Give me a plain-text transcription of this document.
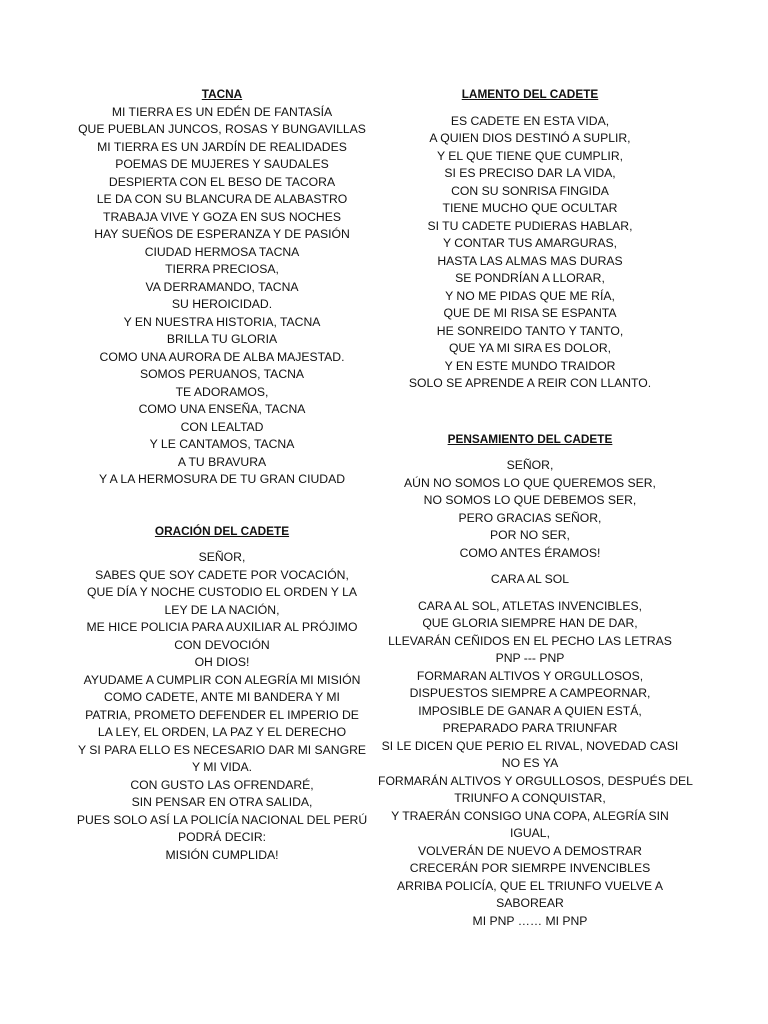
TACNA

MI TIERRA ES UN EDÉN DE FANTASÍA

QUE PUEBLAN JUNCOS, ROSAS Y BUNGAVILLAS

MI TIERRA ES UN JARDÍN DE REALIDADES

POEMAS DE MUJERES Y SAUDALES

DESPIERTA CON EL BESO DE TACORA

LE DA CON SU BLANCURA DE ALABASTRO

TRABAJA VIVE Y GOZA EN SUS NOCHES

HAY SUEÑOS DE ESPERANZA Y DE PASIÓN

CIUDAD HERMOSA TACNA

TIERRA PRECIOSA,

VA DERRAMANDO, TACNA

SU HEROICIDAD.

Y EN NUESTRA HISTORIA, TACNA

BRILLA TU GLORIA

COMO UNA AURORA DE ALBA MAJESTAD.

SOMOS PERUANOS, TACNA

TE ADORAMOS,

COMO UNA ENSEÑA, TACNA

CON LEALTAD

Y LE CANTAMOS, TACNA

A TU BRAVURA

Y A LA HERMOSURA DE TU GRAN CIUDAD

ORACIÓN DEL CADETE

SEÑOR,

SABES QUE SOY CADETE POR VOCACIÓN,

QUE DÍA Y NOCHE CUSTODIO EL ORDEN Y LA

LEY DE LA NACIÓN,

ME HICE POLICIA PARA AUXILIAR AL PRÓJIMO

CON DEVOCIÓN

OH DIOS!

AYUDAME A CUMPLIR CON ALEGRÍA MI MISIÓN

COMO CADETE, ANTE MI BANDERA Y MI

PATRIA, PROMETO DEFENDER EL IMPERIO DE

LA LEY, EL ORDEN, LA PAZ Y EL DERECHO

Y SI PARA ELLO ES NECESARIO DAR MI SANGRE

Y MI VIDA.

CON GUSTO LAS OFRENDARÉ,

SIN PENSAR EN OTRA SALIDA,

PUES SOLO ASÍ LA POLICÍA NACIONAL DEL PERÚ

PODRÁ DECIR:

MISIÓN CUMPLIDA!

LAMENTO DEL CADETE

ES CADETE EN ESTA VIDA,

A QUIEN DIOS DESTINÓ A SUPLIR,

Y EL QUE TIENE QUE CUMPLIR,

SI ES PRECISO DAR LA VIDA,

CON SU SONRISA FINGIDA

TIENE MUCHO QUE OCULTAR

SI TU CADETE PUDIERAS HABLAR,

Y CONTAR TUS AMARGURAS,

HASTA LAS ALMAS MAS DURAS

SE PONDRÍAN A LLORAR,

Y NO ME PIDAS QUE ME RÍA,

QUE DE MI RISA SE ESPANTA

HE SONREIDO TANTO Y TANTO,

QUE YA MI SIRA ES DOLOR,

Y EN ESTE MUNDO TRAIDOR

SOLO SE APRENDE A REIR CON LLANTO.

PENSAMIENTO DEL CADETE

SEÑOR,

AÚN NO SOMOS LO QUE QUEREMOS SER,

NO SOMOS LO QUE DEBEMOS SER,

PERO GRACIAS SEÑOR,

POR NO SER,

COMO ANTES ÉRAMOS!

CARA AL SOL

CARA AL SOL, ATLETAS INVENCIBLES,

QUE GLORIA SIEMPRE HAN DE DAR,

LLEVARÁN CEÑIDOS EN EL PECHO LAS LETRAS

PNP --- PNP

FORMARAN ALTIVOS Y ORGULLOSOS,

DISPUESTOS SIEMPRE A CAMPEORNAR,

IMPOSIBLE DE GANAR A QUIEN ESTÁ,

PREPARADO PARA TRIUNFAR

SI LE DICEN QUE PERIO EL RIVAL, NOVEDAD CASI

NO ES YA

FORMARÁN ALTIVOS Y ORGULLOSOS, DESPUÉS DEL

TRIUNFO A CONQUISTAR,

Y TRAERÁN CONSIGO UNA COPA, ALEGRÍA SIN

IGUAL,

VOLVERÁN DE NUEVO A DEMOSTRAR

CRECERÁN POR SIEMRPE INVENCIBLES

ARRIBA POLICÍA, QUE EL TRIUNFO VUELVE A

SABOREAR

MI PNP …… MI PNP
